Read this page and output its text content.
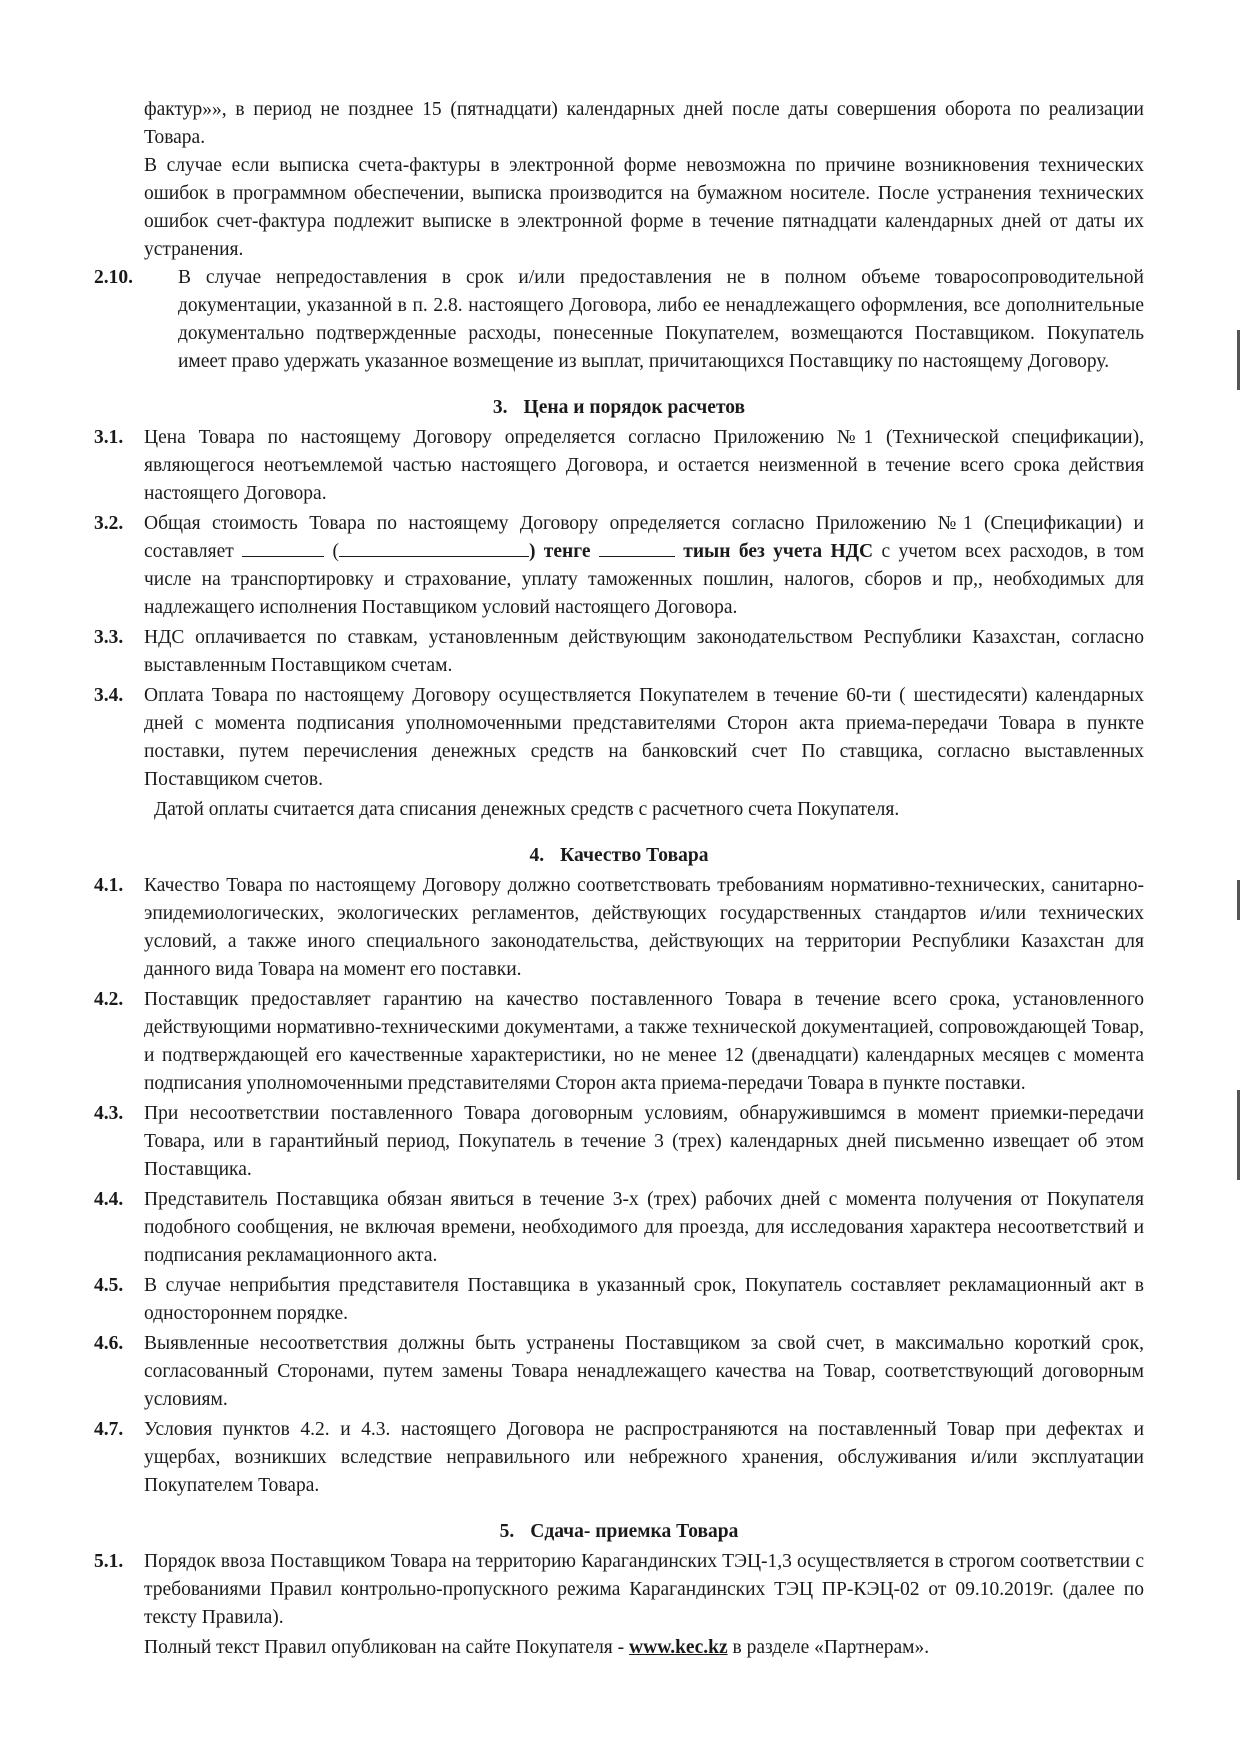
фактур»», в период не позднее 15 (пятнадцати) календарных дней после даты совершения оборота по реализации Товара.
В случае если выписка счета-фактуры в электронной форме невозможна по причине возникновения технических ошибок в программном обеспечении, выписка производится на бумажном носителе. После устранения технических ошибок счет-фактура подлежит выписке в электронной форме в течение пятнадцати календарных дней от даты их устранения.
2.10. В случае непредоставления в срок и/или предоставления не в полном объеме товаросопроводительной документации, указанной в п. 2.8. настоящего Договора, либо ее ненадлежащего оформления, все дополнительные документально подтвержденные расходы, понесенные Покупателем, возмещаются Поставщиком. Покупатель имеет право удержать указанное возмещение из выплат, причитающихся Поставщику по настоящему Договору.
3. Цена и порядок расчетов
3.1. Цена Товара по настоящему Договору определяется согласно Приложению №1 (Технической спецификации), являющегося неотъемлемой частью настоящего Договора, и остается неизменной в течение всего срока действия настоящего Договора.
3.2. Общая стоимость Товара по настоящему Договору определяется согласно Приложению №1 (Спецификации) и составляет	(	) тенге	тиын без учета НДС с учетом всех расходов, в том числе на транспортировку и страхование, уплату таможенных пошлин, налогов, сборов и пр,, необходимых для надлежащего исполнения Поставщиком условий настоящего Договора.
3.3. НДС оплачивается по ставкам, установленным действующим законодательством Республики Казахстан, согласно выставленным Поставщиком счетам.
3.4. Оплата Товара по настоящему Договору осуществляется Покупателем в течение 60-ти ( шестидесяти) календарных дней с момента подписания уполномоченными представителями Сторон акта приема-передачи Товара в пункте поставки, путем перечисления денежных средств на банковский счет По ставщика, согласно выставленных Поставщиком счетов.
Датой оплаты считается дата списания денежных средств с расчетного счета Покупателя.
4. Качество Товара
4.1. Качество Товара по настоящему Договору должно соответствовать требованиям нормативно-технических, санитарно-эпидемиологических, экологических регламентов, действующих государственных стандартов и/или технических условий, а также иного специального законодательства, действующих на территории Республики Казахстан для данного вида Товара на момент его поставки.
4.2. Поставщик предоставляет гарантию на качество поставленного Товара в течение всего срока, установленного действующими нормативно-техническими документами, а также технической документацией, сопровождающей Товар, и подтверждающей его качественные характеристики, но не менее 12 (двенадцати) календарных месяцев с момента подписания уполномоченными представителями Сторон акта приема-передачи Товара в пункте поставки.
4.3. При несоответствии поставленного Товара договорным условиям, обнаружившимся в момент приемки-передачи Товара, или в гарантийный период, Покупатель в течение 3 (трех) календарных дней письменно извещает об этом Поставщика.
4.4. Представитель Поставщика обязан явиться в течение 3-х (трех) рабочих дней с момента получения от Покупателя подобного сообщения, не включая времени, необходимого для проезда, для исследования характера несоответствий и подписания рекламационного акта.
4.5. В случае неприбытия представителя Поставщика в указанный срок, Покупатель составляет рекламационный акт в одностороннем порядке.
4.6. Выявленные несоответствия должны быть устранены Поставщиком за свой счет, в максимально короткий срок, согласованный Сторонами, путем замены Товара ненадлежащего качества на Товар, соответствующий договорным условиям.
4.7. Условия пунктов 4.2. и 4.3. настоящего Договора не распространяются на поставленный Товар при дефектах и ущербах, возникших вследствие неправильного или небрежного хранения, обслуживания и/или эксплуатации Покупателем Товара.
5. Сдача- приемка Товара
5.1. Порядок ввоза Поставщиком Товара на территорию Карагандинских ТЭЦ-1,3 осуществляется в строгом соответствии с требованиями Правил контрольно-пропускного режима Карагандинских ТЭЦ ПР-КЭЦ-02 от 09.10.2019г. (далее по тексту Правила).
Полный текст Правил опубликован на сайте Покупателя - www.kec.kz в разделе «Партнерам».
